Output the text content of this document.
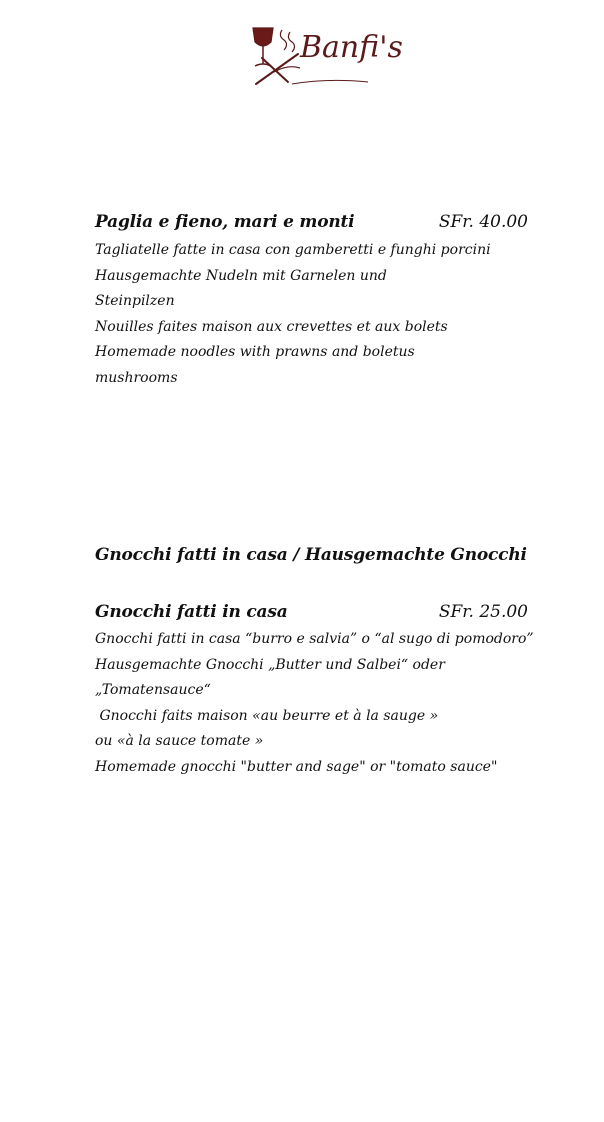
Banfi's
Paglia e fieno, mari e monti	SFr. 40.00
Tagliatelle fatte in casa con gamberetti e funghi porcini
Hausgemachte Nudeln mit Garnelen und
Steinpilzen
Nouilles faites maison aux crevettes et aux bolets
Homemade noodles with prawns and boletus
mushrooms
Gnocchi fatti in casa / Hausgemachte Gnocchi
Gnocchi fatti in casa	SFr. 25.00
Gnocchi fatti in casa “burro e salvia” o “al sugo di pomodoro”
Hausgemachte Gnocchi „Butter und Salbei“ oder
„Tomatensauce“
Gnocchi faits maison «au beurre et à la sauge »
ou «à la sauce tomate »
Homemade gnocchi "butter and sage" or "tomato sauce"
